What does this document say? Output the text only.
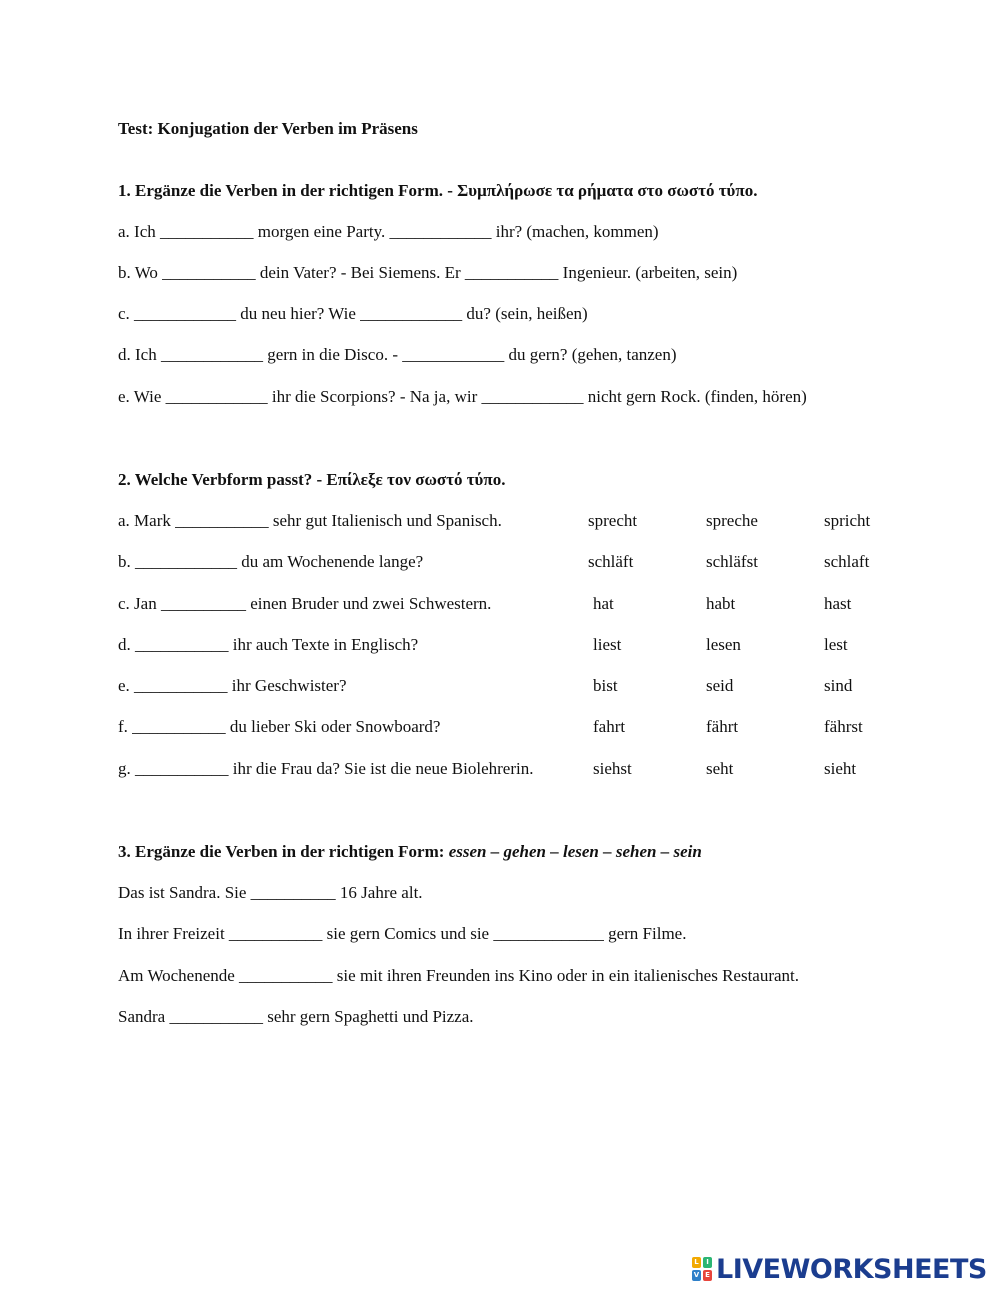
Test: Konjugation der Verben im Präsens
1. Ergänze die Verben in der richtigen Form. - Συμπλήρωσε τα ρήματα στο σωστό τύπο.
a. Ich ___________ morgen eine Party. ____________ ihr? (machen, kommen)
b. Wo ___________ dein Vater? - Bei Siemens. Er ___________ Ingenieur. (arbeiten, sein)
c. ____________ du neu hier? Wie ____________ du? (sein, heißen)
d. Ich ____________ gern in die Disco. - ____________ du gern? (gehen, tanzen)
e. Wie ____________ ihr die Scorpions? - Na ja, wir ____________ nicht gern Rock. (finden, hören)
2. Welche Verbform passt? - Επίλεξε τον σωστό τύπο.
a. Mark ___________ sehr gut Italienisch und Spanisch.	sprecht	spreche	spricht
b. ____________ du am Wochenende lange?	schläft	schläfst	schlaft
c. Jan __________ einen Bruder und zwei Schwestern.	hat	habt	hast
d. ___________ ihr auch Texte in Englisch?	liest	lesen	lest
e. ___________ ihr Geschwister?	bist	seid	sind
f. ___________ du lieber Ski oder Snowboard?	fahrt	fährt	fährst
g. ___________ ihr die Frau da? Sie ist die neue Biolehrerin.	siehst	seht	sieht
3. Ergänze die Verben in der richtigen Form: essen – gehen – lesen – sehen – sein
Das ist Sandra. Sie __________ 16 Jahre alt.
In ihrer Freizeit ___________ sie gern Comics und sie _____________ gern Filme.
Am Wochenende ___________ sie mit ihren Freunden ins Kino oder in ein italienisches Restaurant.
Sandra ___________ sehr gern Spaghetti und Pizza.
L	I
V E LIVEWORKSHEETS
